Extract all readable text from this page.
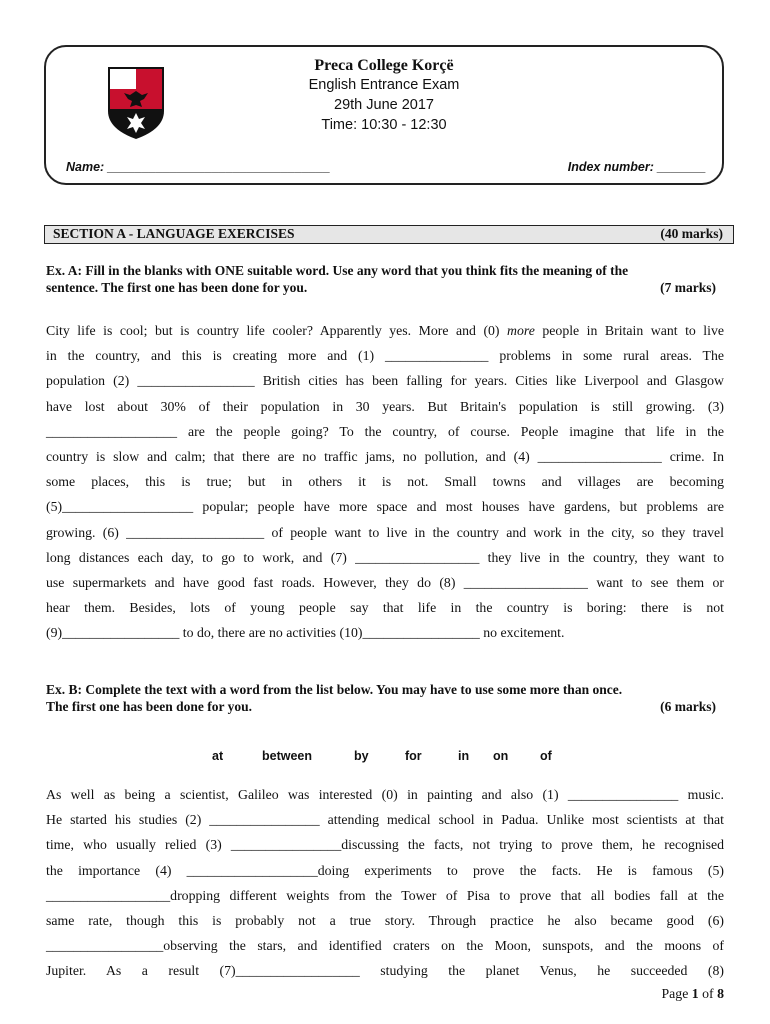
Preca College Korçë
English Entrance Exam
29th June 2017
Time: 10:30 - 12:30
Name: ________________________________	Index number: _______
SECTION A - LANGUAGE EXERCISES	(40 marks)
Ex. A: Fill in the blanks with ONE suitable word. Use any word that you think fits the meaning of the
sentence. The first one has been done for you.	(7 marks)
City life is cool; but is country life cooler? Apparently yes. More and (0) more people in Britain want to live
in the country, and this is creating more and (1) _______________ problems in some rural areas. The
population (2) _________________ British cities has been falling for years. Cities like Liverpool and Glasgow
have lost about 30% of their population in 30 years. But Britain's population is still growing. (3)
___________________ are the people going? To the country, of course. People imagine that life in the
country is slow and calm; that there are no traffic jams, no pollution, and (4) __________________ crime. In
some places, this is true; but in others it is not. Small towns and villages are becoming
(5)___________________ popular; people have more space and most houses have gardens, but problems are
growing. (6) ____________________ of people want to live in the country and work in the city, so they travel
long distances each day, to go to work, and (7) __________________ they live in the country, they want to
use supermarkets and have good fast roads. However, they do (8) __________________ want to see them or
hear them. Besides, lots of young people say that life in the country is boring: there is not
(9)_________________ to do, there are no activities (10)_________________ no excitement.
Ex. B: Complete the text with a word from the list below. You may have to use some more than once.
The first one has been done for you.	(6 marks)
at	between	by	for	in on	of
As well as being a scientist, Galileo was interested (0) in painting and also (1) ________________ music.
He started his studies (2) ________________ attending medical school in Padua. Unlike most scientists at that
time, who usually relied (3) ________________discussing the facts, not trying to prove them, he recognised
the importance (4) ___________________doing experiments to prove the facts. He is famous (5)
__________________dropping different weights from the Tower of Pisa to prove that all bodies fall at the
same rate, though this is probably not a true story. Through practice he also became good (6)
_________________observing the stars, and identified craters on the Moon, sunspots, and the moons of
Jupiter. As a result (7)__________________ studying the planet Venus, he succeeded (8)
Page 1 of 8
